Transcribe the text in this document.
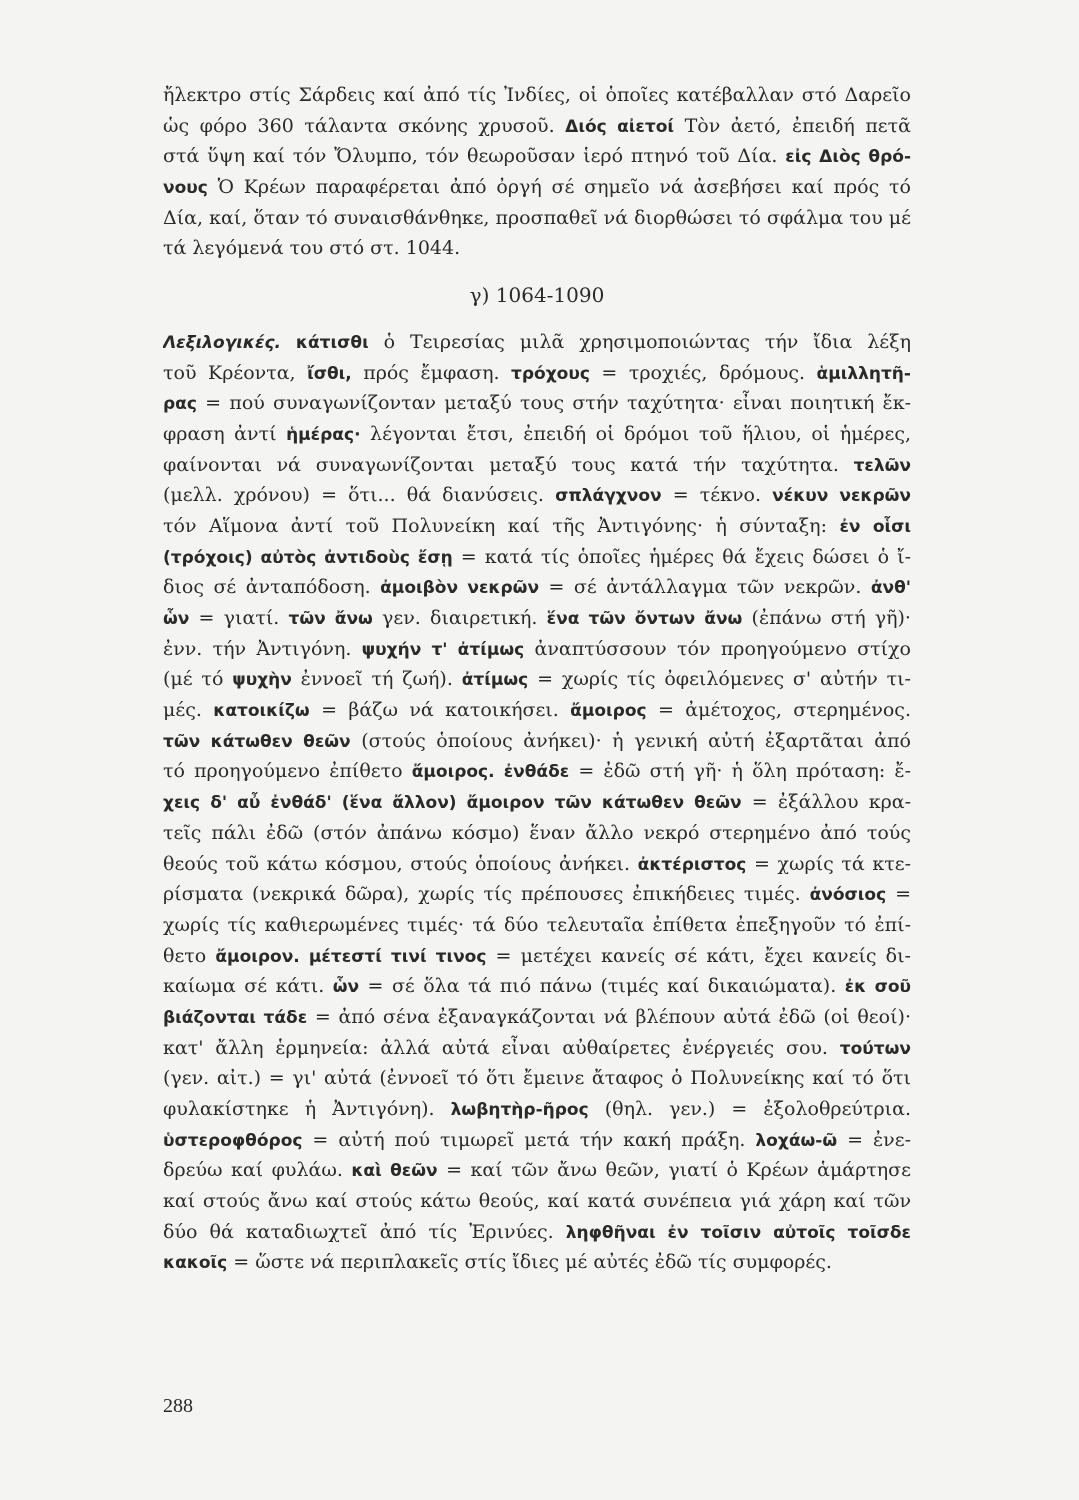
ἤλεκτρο στίς Σάρδεις καί ἀπό τίς Ἰνδίες, οἱ ὁποῖες κατέβαλλαν στό Δαρεῖο
ὡς φόρο 360 τάλαντα σκόνης χρυσοῦ. Διός αἰετοί Τὸν ἀετό, ἐπειδή πετᾶ
στά ὕψη καί τόν Ὄλυμπο, τόν θεωροῦσαν ἱερό πτηνό τοῦ Δία. εἰς Διὸς θρό-
νους Ὁ Κρέων παραφέρεται ἀπό ὀργή σέ σημεῖο νά ἀσεβήσει καί πρός τό
Δία, καί, ὅταν τό συναισθάνθηκε, προσπαθεῖ νά διορθώσει τό σφάλμα του μέ
τά λεγόμενά του στό στ. 1044.
γ) 1064-1090
Λεξιλογικές. κάτισθι ὁ Τειρεσίας μιλᾶ χρησιμοποιώντας τήν ἴδια λέξη
τοῦ Κρέοντα, ἴσθι, πρός ἔμφαση. τρόχους = τροχιές, δρόμους. ἁμιλλητῆ-
ρας = πού συναγωνίζονταν μεταξύ τους στήν ταχύτητα· εἶναι ποιητική ἔκ-
φραση ἀντί ἡμέρας· λέγονται ἔτσι, ἐπειδή οἱ δρόμοι τοῦ ἥλιου, οἱ ἡμέρες,
φαίνονται νά συναγωνίζονται μεταξύ τους κατά τήν ταχύτητα. τελῶν
(μελλ. χρόνου) = ὅτι... θά διανύσεις. σπλάγχνον = τέκνο. νέκυν νεκρῶν
τόν Αἵμονα ἀντί τοῦ Πολυνείκη καί τῆς Ἀντιγόνης· ἡ σύνταξη: ἐν οἷσι
(τρόχοις) αὐτὸς ἀντιδοὺς ἔσῃ = κατά τίς ὁποῖες ἡμέρες θά ἔχεις δώσει ὁ ἴ-
διος σέ ἀνταπόδοση. ἀμοιβὸν νεκρῶν = σέ ἀντάλλαγμα τῶν νεκρῶν. ἀνθ'
ὧν = γιατί. τῶν ἄνω γεν. διαιρετική. ἕνα τῶν ὄντων ἄνω (ἐπάνω στή γῆ)·
ἐνν. τήν Ἀντιγόνη. ψυχήν τ' ἀτίμως ἀναπτύσσουν τόν προηγούμενο στίχο
(μέ τό ψυχὴν ἐννοεῖ τή ζωή). ἀτίμως = χωρίς τίς ὀφειλόμενες σ' αὐτήν τι-
μές. κατοικίζω = βάζω νά κατοικήσει. ἄμοιρος = ἀμέτοχος, στερημένος.
τῶν κάτωθεν θεῶν (στούς ὁποίους ἀνήκει)· ἡ γενική αὐτή ἐξαρτᾶται ἀπό
τό προηγούμενο ἐπίθετο ἄμοιρος. ἐνθάδε = ἐδῶ στή γῆ· ἡ ὅλη πρόταση: ἔ-
χεις δ' αὖ ἐνθάδ' (ἕνα ἄλλον) ἄμοιρον τῶν κάτωθεν θεῶν = ἐξάλλου κρα-
τεῖς πάλι ἐδῶ (στόν ἀπάνω κόσμο) ἕναν ἄλλο νεκρό στερημένο ἀπό τούς
θεούς τοῦ κάτω κόσμου, στούς ὁποίους ἀνήκει. ἀκτέριστος = χωρίς τά κτε-
ρίσματα (νεκρικά δῶρα), χωρίς τίς πρέπουσες ἐπικήδειες τιμές. ἀνόσιος =
χωρίς τίς καθιερωμένες τιμές· τά δύο τελευταῖα ἐπίθετα ἐπεξηγοῦν τό ἐπί-
θετο ἄμοιρον. μέτεστί τινί τινος = μετέχει κανείς σέ κάτι, ἔχει κανείς δι-
καίωμα σέ κάτι. ὧν = σέ ὅλα τά πιό πάνω (τιμές καί δικαιώματα). ἐκ σοῦ
βιάζονται τάδε = ἀπό σένα ἐξαναγκάζονται νά βλέπουν αὐτά ἐδῶ (οἱ θεοί)·
κατ' ἄλλη ἑρμηνεία: ἀλλά αὐτά εἶναι αὐθαίρετες ἐνέργειές σου. τούτων
(γεν. αἰτ.) = γι' αὐτά (ἐννοεῖ τό ὅτι ἔμεινε ἄταφος ὁ Πολυνείκης καί τό ὅτι
φυλακίστηκε ἡ Ἀντιγόνη). λωβητὴρ-ῆρος (θηλ. γεν.) = ἐξολοθρεύτρια.
ὑστεροφθόρος = αὐτή πού τιμωρεῖ μετά τήν κακή πράξη. λοχάω-ῶ = ἐνε-
δρεύω καί φυλάω. καὶ θεῶν = καί τῶν ἄνω θεῶν, γιατί ὁ Κρέων ἁμάρτησε
καί στούς ἄνω καί στούς κάτω θεούς, καί κατά συνέπεια γιά χάρη καί τῶν
δύο θά καταδιωχτεῖ ἀπό τίς Ἐρινύες. ληφθῆναι ἐν τοῖσιν αὐτοῖς τοῖσδε
κακοῖς = ὥστε νά περιπλακεῖς στίς ἴδιες μέ αὐτές ἐδῶ τίς συμφορές.
288
